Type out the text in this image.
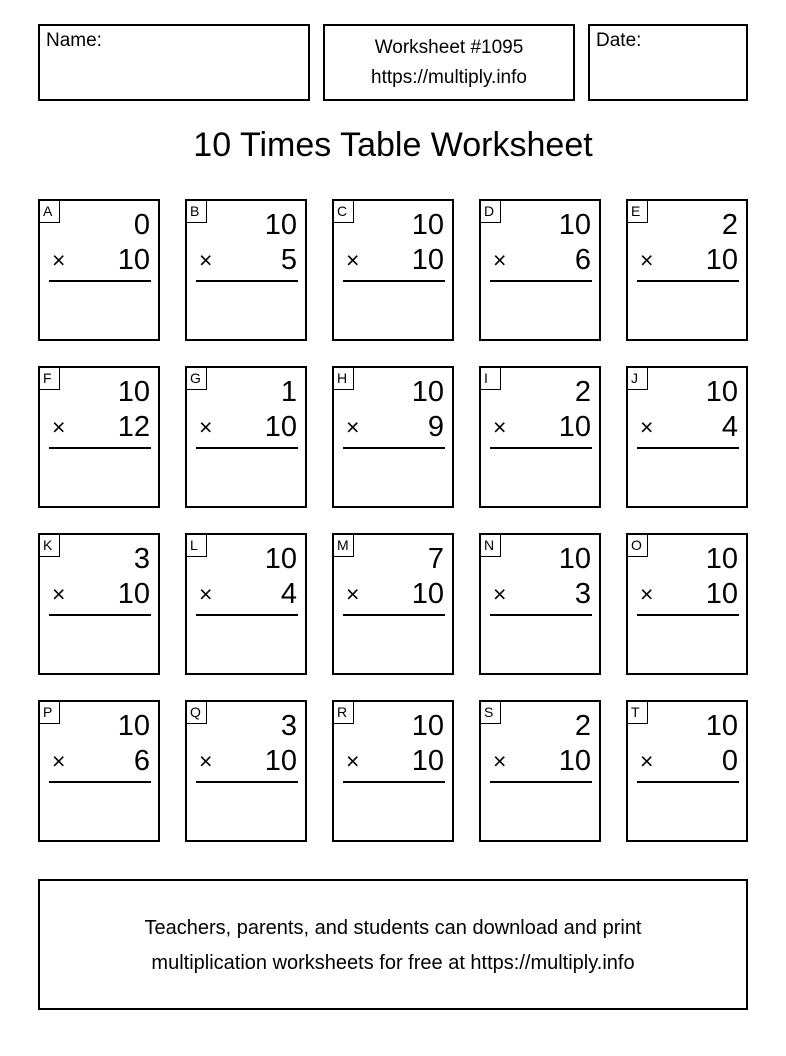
Name:	Worksheet #1095
https://multiply.info
Date:
10 Times Table Worksheet
A	0
× 10
B 10
× 5
C 10
× 10
D 10
× 6
E	2
× 10
F 10
× 12
G	1
× 10
H 10
× 9
I	2
× 10
J	10
× 4
K	3
× 10
L	10
× 4
M	7
× 10
N 10
× 3
O 10
× 10
P 10
× 6
Q	3
× 10
R 10
× 10
S	2
× 10
T 10
× 0
Teachers, parents, and students can download and print
multiplication worksheets for free at https://multiply.info
